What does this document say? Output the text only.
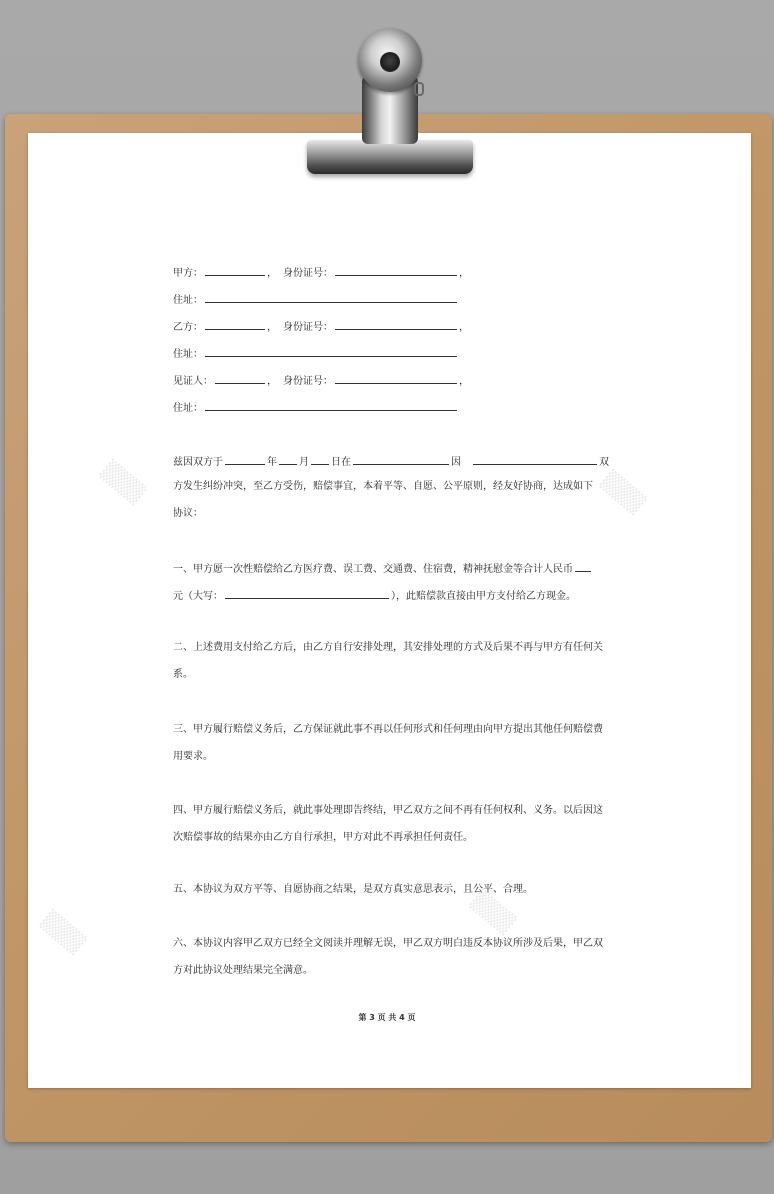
▒▒▒	▒▒▒
▒▒▒	▒▒▒
甲方：	， 身份证号：	，
住址：
乙方：	， 身份证号：	，
住址：
见证人：	， 身份证号：	，
住址：
兹因双方于	年 月 日在	因	双
方发生纠纷冲突，至乙方受伤，赔偿事宜，本着平等、自愿、公平原则，经友好协商，达成如下
协议：
一、甲方愿一次性赔偿给乙方医疗费、误工费、交通费、住宿费，精神抚慰金等合计人民币
元（大写：	），此赔偿款直接由甲方支付给乙方现金。
二、上述费用支付给乙方后，由乙方自行安排处理，其安排处理的方式及后果不再与甲方有任何关系。
三、甲方履行赔偿义务后，乙方保证就此事不再以任何形式和任何理由向甲方提出其他任何赔偿费用要求。
四、甲方履行赔偿义务后，就此事处理即告终结，甲乙双方之间不再有任何权利、义务。以后因这次赔偿事故的结果亦由乙方自行承担，甲方对此不再承担任何责任。
五、本协议为双方平等、自愿协商之结果，是双方真实意思表示，且公平、合理。
六、本协议内容甲乙双方已经全文阅读并理解无误，甲乙双方明白违反本协议所涉及后果，甲乙双方对此协议处理结果完全满意。
第 3 页 共 4 页
